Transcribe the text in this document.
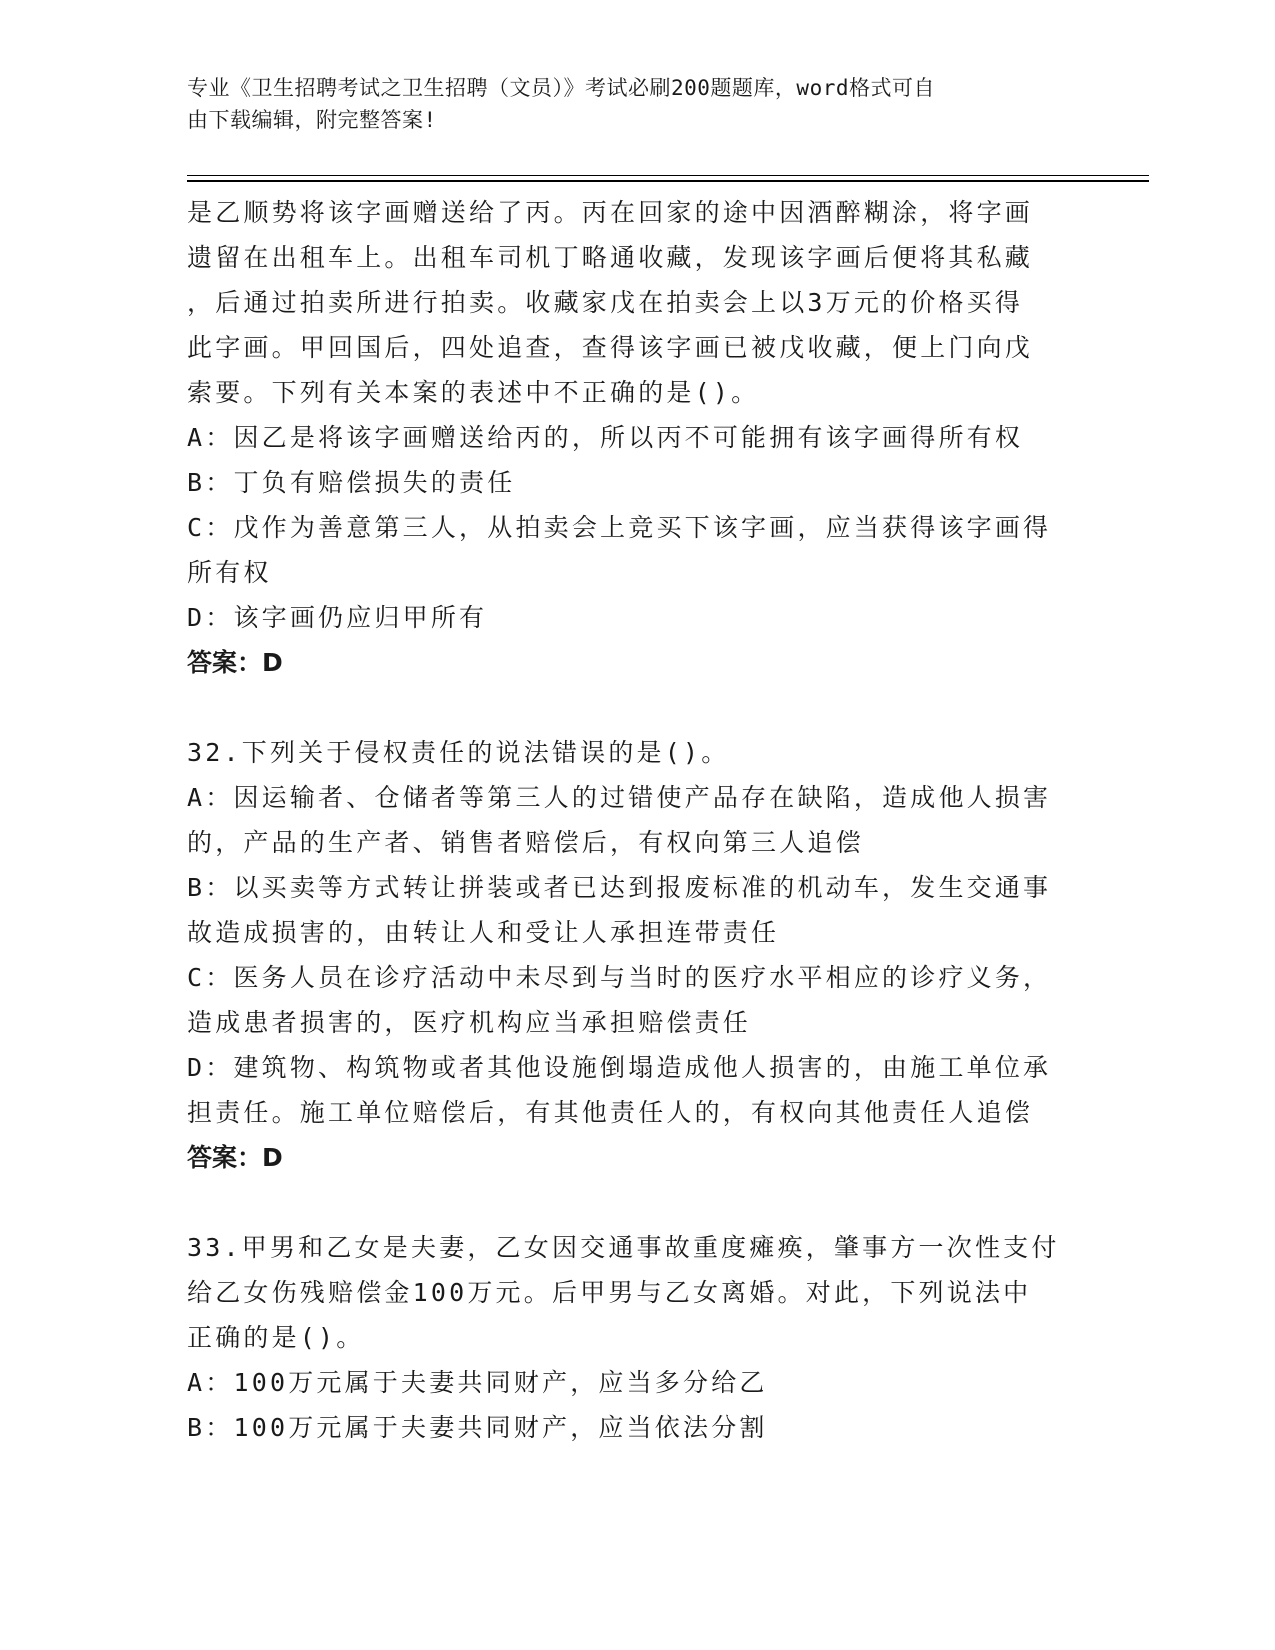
专业《卫生招聘考试之卫生招聘（文员）》考试必刷200题题库，word格式可自
由下载编辑，附完整答案!

是乙顺势将该字画赠送给了丙。丙在回家的途中因酒醉糊涂，将字画

遗留在出租车上。出租车司机丁略通收藏，发现该字画后便将其私藏

，后通过拍卖所进行拍卖。收藏家戊在拍卖会上以3万元的价格买得

此字画。甲回国后，四处追查，查得该字画已被戊收藏，便上门向戊

索要。下列有关本案的表述中不正确的是()。

A：因乙是将该字画赠送给丙的，所以丙不可能拥有该字画得所有权

B：丁负有赔偿损失的责任

C：戊作为善意第三人，从拍卖会上竞买下该字画，应当获得该字画得

所有权

D：该字画仍应归甲所有

答案：D

32.下列关于侵权责任的说法错误的是()。

A：因运输者、仓储者等第三人的过错使产品存在缺陷，造成他人损害

的，产品的生产者、销售者赔偿后，有权向第三人追偿

B：以买卖等方式转让拼装或者已达到报废标准的机动车，发生交通事

故造成损害的，由转让人和受让人承担连带责任

C：医务人员在诊疗活动中未尽到与当时的医疗水平相应的诊疗义务，

造成患者损害的，医疗机构应当承担赔偿责任

D：建筑物、构筑物或者其他设施倒塌造成他人损害的，由施工单位承

担责任。施工单位赔偿后，有其他责任人的，有权向其他责任人追偿

答案：D

33.甲男和乙女是夫妻，乙女因交通事故重度瘫痪，肇事方一次性支付

给乙女伤残赔偿金100万元。后甲男与乙女离婚。对此，下列说法中

正确的是()。

A：100万元属于夫妻共同财产，应当多分给乙

B：100万元属于夫妻共同财产，应当依法分割
